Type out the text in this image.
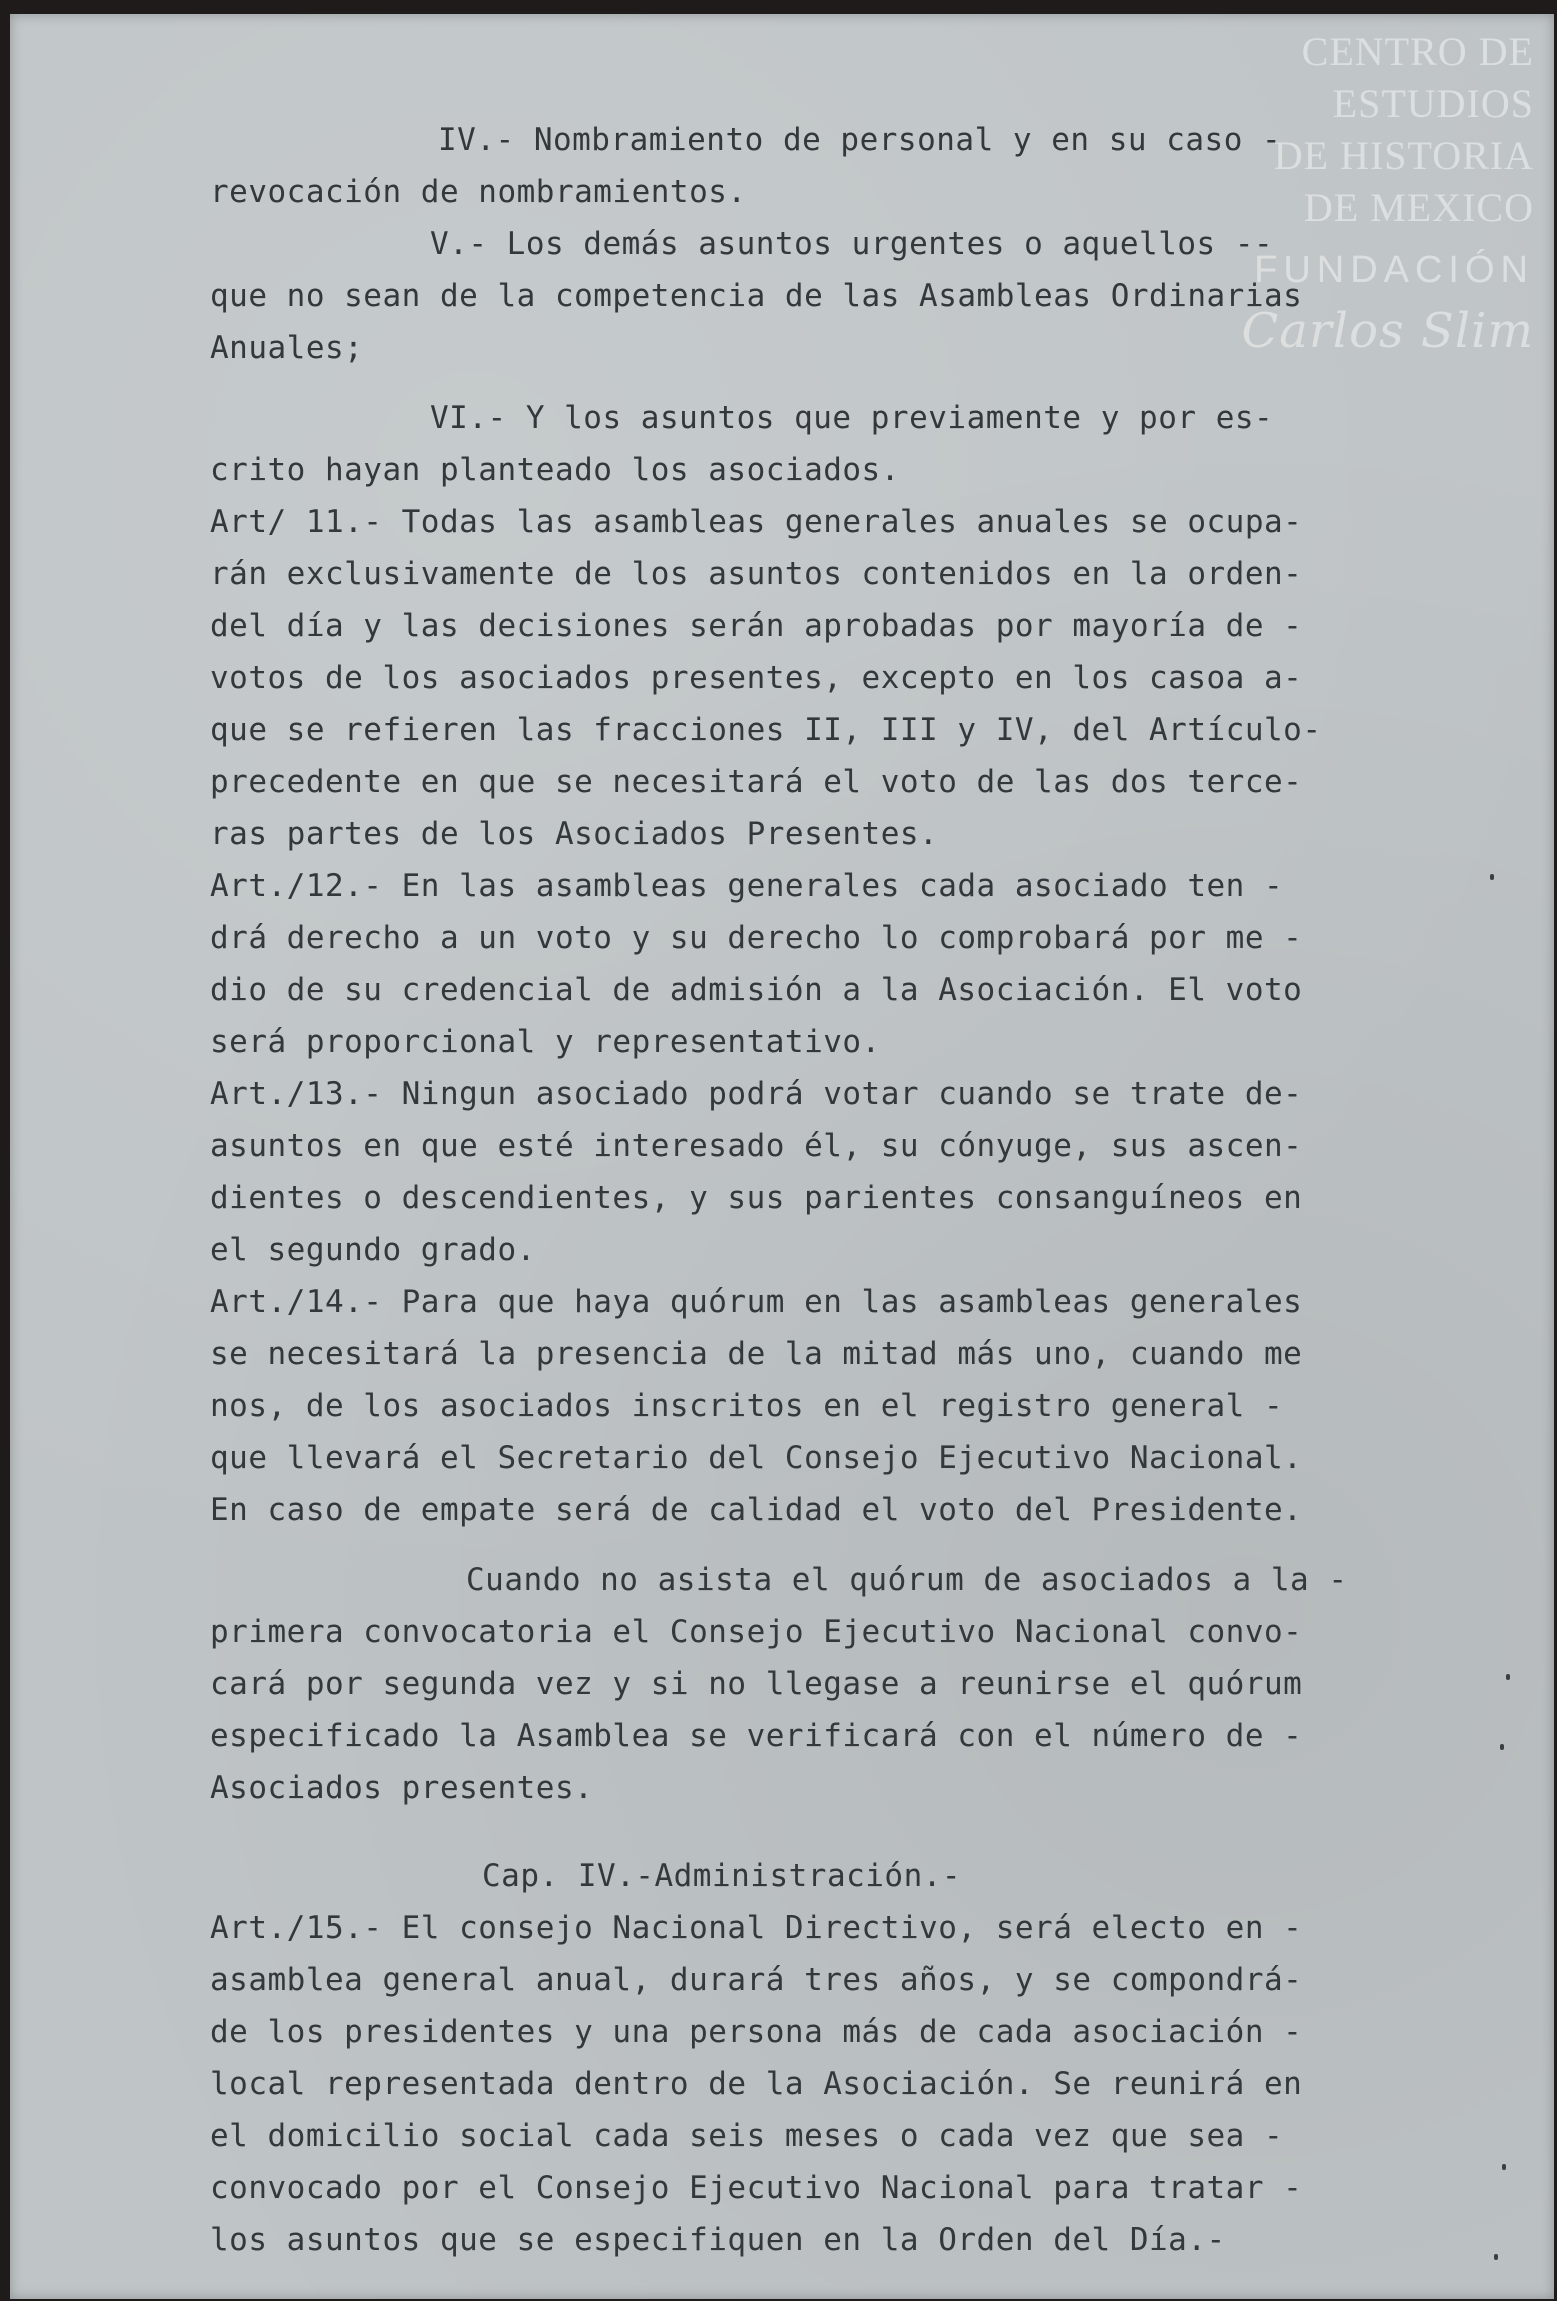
CENTRO DE
ESTUDIOS
DE HISTORIA
DE MEXICO
FUNDACIÓN
Carlos Slim
IV.- Nombramiento de personal y en su caso -
revocación de nombramientos.
V.- Los demás asuntos urgentes o aquellos --
que no sean de la competencia de las Asambleas Ordinarias
Anuales;
VI.- Y los asuntos que previamente y por es-
crito hayan planteado los asociados.
Art/ 11.- Todas las asambleas generales anuales se ocupa-
rán exclusivamente de los asuntos contenidos en la orden-
del día y las decisiones serán aprobadas por mayoría de -
votos de los asociados presentes, excepto en los casoa a-
que se refieren las fracciones II, III y IV, del Artículo-
precedente en que se necesitará el voto de las dos terce-
ras partes de los Asociados Presentes.
Art./12.- En las asambleas generales cada asociado ten -
drá derecho a un voto y su derecho lo comprobará por me -
dio de su credencial de admisión a la Asociación. El voto
será proporcional y representativo.
Art./13.- Ningun asociado podrá votar cuando se trate de-
asuntos en que esté interesado él, su cónyuge, sus ascen-
dientes o descendientes, y sus parientes consanguíneos en
el segundo grado.
Art./14.- Para que haya quórum en las asambleas generales
se necesitará la presencia de la mitad más uno, cuando me
nos, de los asociados inscritos en el registro general -
que llevará el Secretario del Consejo Ejecutivo Nacional.
En caso de empate será de calidad el voto del Presidente.
Cuando no asista el quórum de asociados a la -
primera convocatoria el Consejo Ejecutivo Nacional convo-
cará por segunda vez y si no llegase a reunirse el quórum
especificado la Asamblea se verificará con el número de -
Asociados presentes.
Cap. IV.-Administración.-
Art./15.- El consejo Nacional Directivo, será electo en -
asamblea general anual, durará tres años, y se compondrá-
de los presidentes y una persona más de cada asociación -
local representada dentro de la Asociación. Se reunirá en
el domicilio social cada seis meses o cada vez que sea -
convocado por el Consejo Ejecutivo Nacional para tratar -
los asuntos que se especifiquen en la Orden del Día.-
